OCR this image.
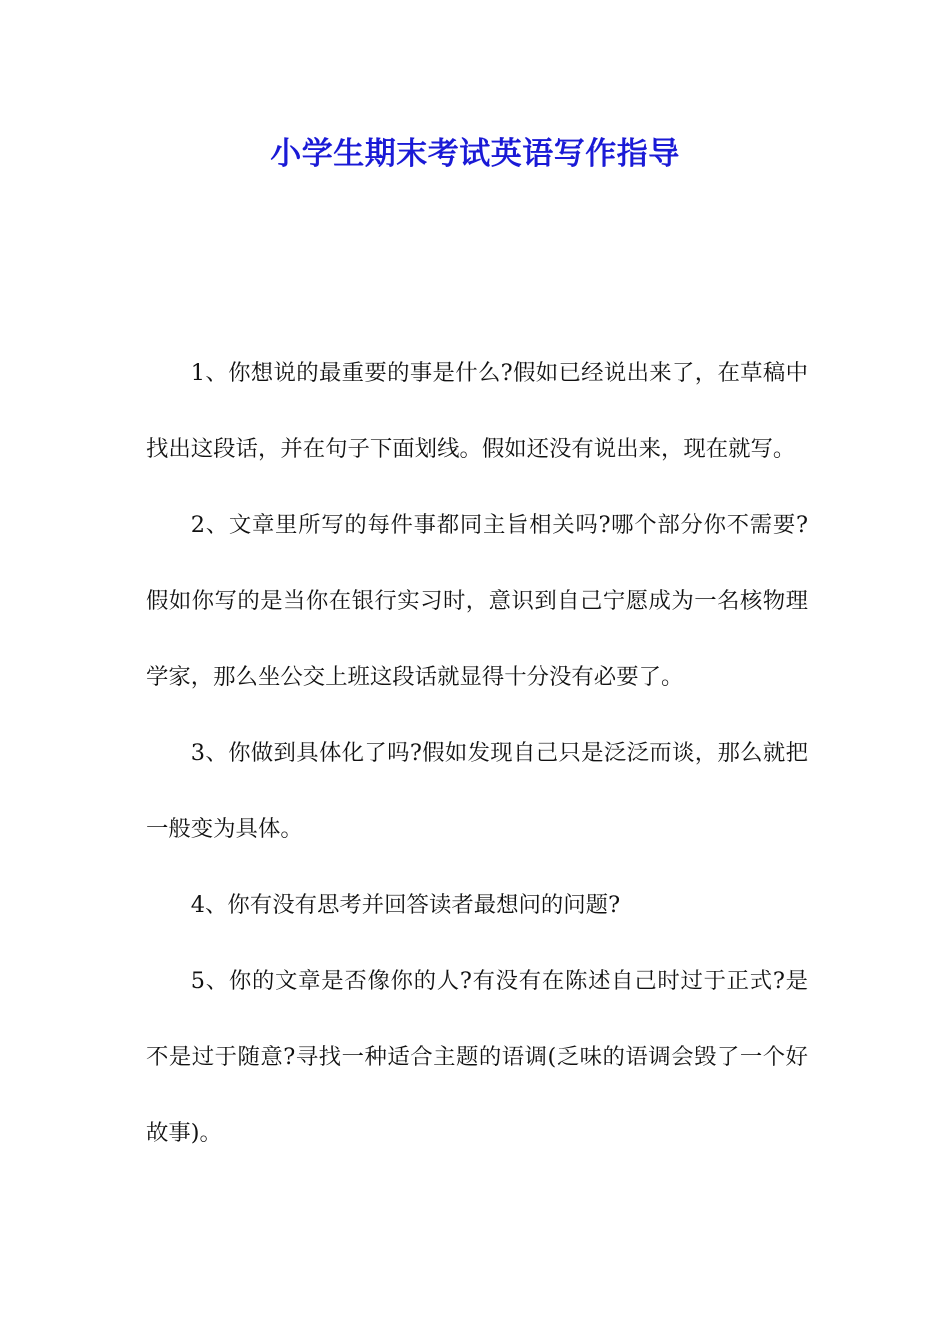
小学生期末考试英语写作指导

1、你想说的最重要的事是什么?假如已经说出来了，在草稿中找出这段话，并在句子下面划线。假如还没有说出来，现在就写。

2、文章里所写的每件事都同主旨相关吗?哪个部分你不需要?假如你写的是当你在银行实习时，意识到自己宁愿成为一名核物理学家，那么坐公交上班这段话就显得十分没有必要了。

3、你做到具体化了吗?假如发现自己只是泛泛而谈，那么就把一般变为具体。

4、你有没有思考并回答读者最想问的问题?

5、你的文章是否像你的人?有没有在陈述自己时过于正式?是不是过于随意?寻找一种适合主题的语调(乏味的语调会毁了一个好故事)。
